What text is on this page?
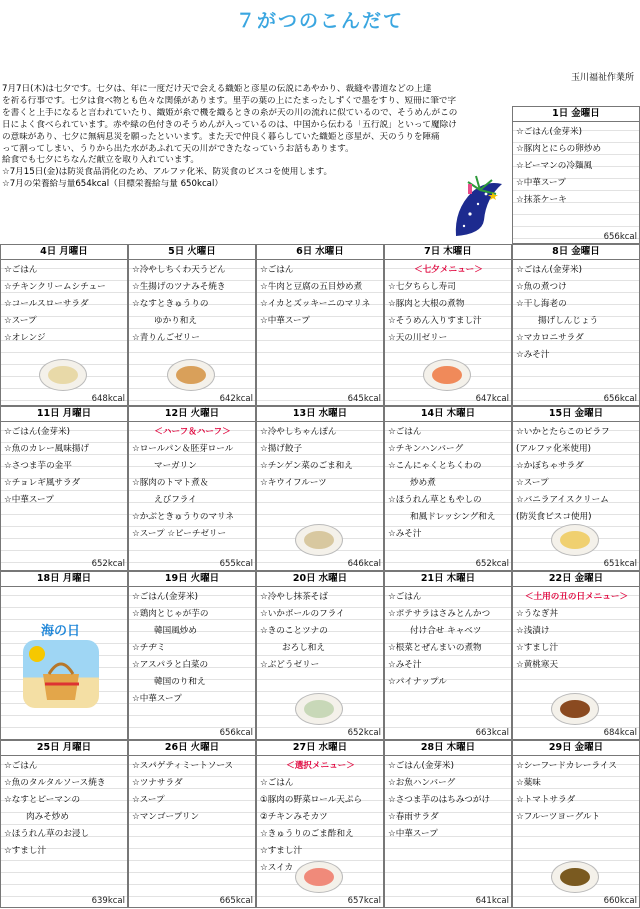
７がつのこんだて
玉川福祉作業所
1日 金曜日
☆ごはん(金芽米)
☆豚肉とにらの卵炒め
☆ピーマンの冷麺風
☆中華スープ
☆抹茶ケーキ
656kcal
4日 月曜日
☆ごはん
☆チキンクリームシチュー
☆コールスローサラダ
☆スープ
☆オレンジ
648kcal
5日 火曜日
☆冷やしちくわ天うどん
☆生揚げのツナみそ焼き
☆なすときゅうりの
ゆかり和え
☆青りんごゼリー
642kcal
6日 水曜日
☆ごはん
☆牛肉と豆腐の五目炒め煮
☆イカとズッキーニのマリネ
☆中華スープ
645kcal
7日 木曜日
＜七夕メニュー＞
☆七夕ちらし寿司
☆豚肉と大根の煮物
☆そうめん入りすまし汁
☆天の川ゼリー
647kcal
8日 金曜日
☆ごはん(金芽米)
☆魚の煮つけ
☆干し海老の
揚げしんじょう
☆マカロニサラダ
☆みそ汁
656kcal
11日 月曜日
☆ごはん(金芽米)
☆魚のカレー風味揚げ
☆さつま芋の金平
☆チョレギ風サラダ
☆中華スープ
652kcal
12日 火曜日
＜ハーフ＆ハーフ＞
☆ロールパン＆胚芽ロール
マーガリン
☆豚肉のトマト煮＆
えびフライ
☆かぶときゅうりのマリネ
☆スープ ☆ピーチゼリー
655kcal
13日 水曜日
☆冷やしちゃんぽん
☆揚げ餃子
☆チンゲン菜のごま和え
☆キウイフルーツ
646kcal
14日 木曜日
☆ごはん
☆チキンハンバーグ
☆こんにゃくとちくわの
炒め煮
☆ほうれん草ともやしの
和風ドレッシング和え
☆みそ汁
652kcal
15日 金曜日
☆いかとたらこのピラフ
(アルファ化米使用)
☆かぼちゃサラダ
☆スープ
☆バニラアイスクリーム
(防災食ビスコ使用)
651kcal
18日 月曜日
海の日
19日 火曜日
☆ごはん(金芽米)
☆鶏肉とじゃが芋の
韓国風炒め
☆チヂミ
☆アスパラと白菜の
韓国のり和え
☆中華スープ
656kcal
20日 水曜日
☆冷やし抹茶そば
☆いかボールのフライ
☆きのことツナの
おろし和え
☆ぶどうゼリー
652kcal
21日 木曜日
☆ごはん
☆ポテサラはさみとんかつ
付け合せ キャベツ
☆根菜とぜんまいの煮物
☆みそ汁
☆パイナップル
663kcal
22日 金曜日
＜土用の丑の日メニュー＞
☆うなぎ丼
☆浅漬け
☆すまし汁
☆黄桃寒天
684kcal
25日 月曜日
☆ごはん
☆魚のタルタルソース焼き
☆なすとピーマンの
肉みそ炒め
☆ほうれん草のお浸し
☆すまし汁
639kcal
26日 火曜日
☆スパゲティミートソース
☆ツナサラダ
☆スープ
☆マンゴープリン
665kcal
27日 水曜日
＜選択メニュー＞
☆ごはん
①豚肉の野菜ロール天ぷら
②チキンみそカツ
☆きゅうりのごま酢和え
☆すまし汁
☆スイカ
657kcal
28日 木曜日
☆ごはん(金芽米)
☆お魚ハンバーグ
☆さつま芋のはちみつがけ
☆春雨サラダ
☆中華スープ
641kcal
29日 金曜日
☆シーフードカレーライス
☆薬味
☆トマトサラダ
☆フルーツヨーグルト
660kcal
7月7日(木)は七夕です。七夕は、年に一度だけ天で会える織姫と彦星の伝説にあやかり、裁縫や書道などの上達
を祈る行事です。七夕は食べ物とも色々な関係があります。里芋の葉の上にたまったしずくで墨をすり、短冊に筆で字
を書くと上手になると言われていたり、織姫が糸で機を織るときの糸が天の川の流れに似ているので、そうめんがこの
日によく食べられています。赤や緑の色付きのそうめんが入っているのは、中国から伝わる「五行説」といって魔除け
の意味があり、七夕に無病息災を願ったといいます。また天で仲良く暮らしていた織姫と彦星が、天のうりを陣痛
って割ってしまい、うりから出た水があふれて天の川ができたなっていうお話もあります。
給食でも七夕にちなんだ献立を取り入れています。
☆7月15日(金)は防災食品消化のため、アルファ化米、防災食のビスコを使用します。
☆7月の栄養給与量654kcal（目標栄養給与量 650kcal）
